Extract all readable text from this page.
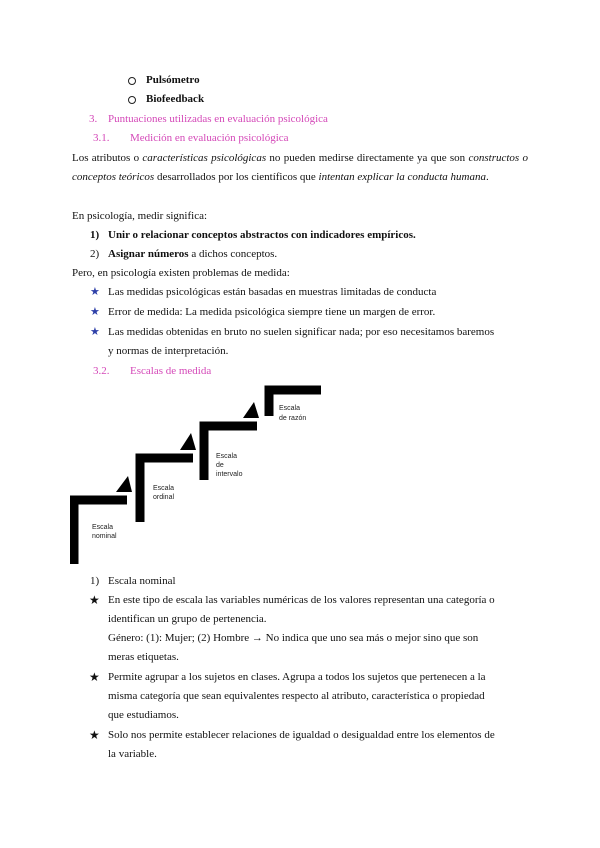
Pulsómetro
Biofeedback
3. Puntuaciones utilizadas en evaluación psicológica
3.1. Medición en evaluación psicológica
Los atributos o características psicológicas no pueden medirse directamente ya que son constructos o conceptos teóricos desarrollados por los científicos que intentan explicar la conducta humana.
En psicología, medir significa:
1) Unir o relacionar conceptos abstractos con indicadores empíricos.
2) Asignar números a dichos conceptos.
Pero, en psicología existen problemas de medida:
★ Las medidas psicológicas están basadas en muestras limitadas de conducta
★ Error de medida: La medida psicológica siempre tiene un margen de error.
★ Las medidas obtenidas en bruto no suelen significar nada; por eso necesitamos baremos
y normas de interpretación.
3.2. Escalas de medida
Escala
nominal
Escala
ordinal
Escala
de
intervalo
Escala
de razón
1) Escala nominal
★ En este tipo de escala las variables numéricas de los valores representan una categoría o
identifican un grupo de pertenencia.
Género: (1): Mujer; (2) Hombre → No indica que uno sea más o mejor sino que son
meras etiquetas.
★ Permite agrupar a los sujetos en clases. Agrupa a todos los sujetos que pertenecen a la
misma categoría que sean equivalentes respecto al atributo, característica o propiedad
que estudiamos.
★ Solo nos permite establecer relaciones de igualdad o desigualdad entre los elementos de
la variable.
